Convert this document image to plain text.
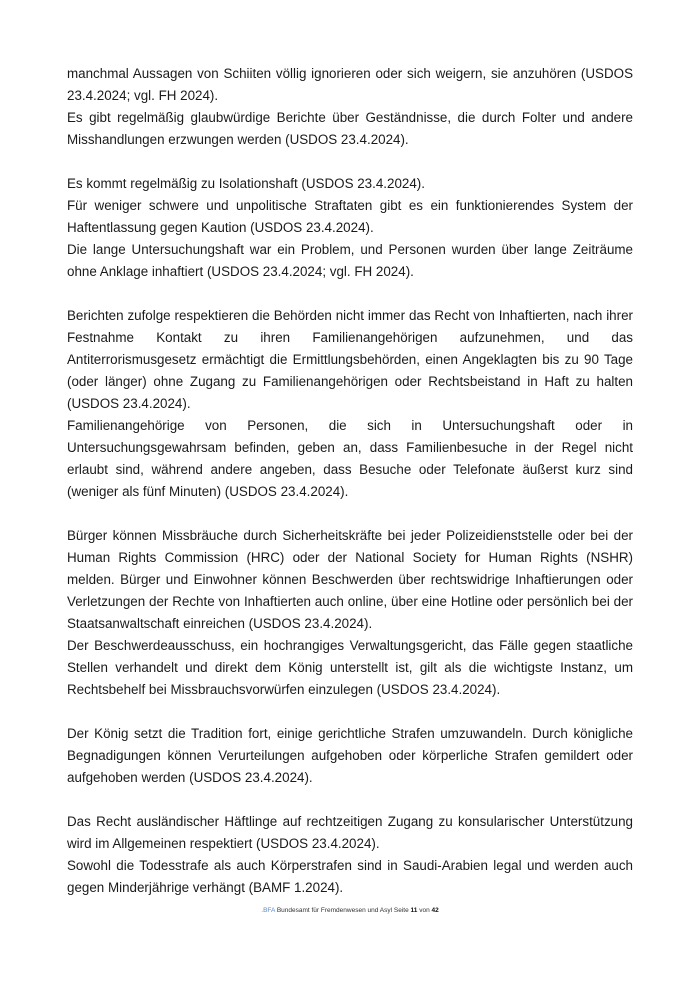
manchmal Aussagen von Schiiten völlig ignorieren oder sich weigern, sie anzuhören (USDOS 23.4.2024; vgl. FH 2024).

Es gibt regelmäßig glaubwürdige Berichte über Geständnisse, die durch Folter und andere Misshandlungen erzwungen werden (USDOS 23.4.2024).

Es kommt regelmäßig zu Isolationshaft (USDOS 23.4.2024).

Für weniger schwere und unpolitische Straftaten gibt es ein funktionierendes System der Haftentlassung gegen Kaution (USDOS 23.4.2024).

Die lange Untersuchungshaft war ein Problem, und Personen wurden über lange Zeiträume ohne Anklage inhaftiert (USDOS 23.4.2024; vgl. FH 2024).

Berichten zufolge respektieren die Behörden nicht immer das Recht von Inhaftierten, nach ihrer Festnahme Kontakt zu ihren Familienangehörigen aufzunehmen, und das Antiterrorismusgesetz ermächtigt die Ermittlungsbehörden, einen Angeklagten bis zu 90 Tage (oder länger) ohne Zugang zu Familienangehörigen oder Rechtsbeistand in Haft zu halten (USDOS 23.4.2024).

Familienangehörige von Personen, die sich in Untersuchungshaft oder in Untersuchungsgewahrsam befinden, geben an, dass Familienbesuche in der Regel nicht erlaubt sind, während andere angeben, dass Besuche oder Telefonate äußerst kurz sind (weniger als fünf Minuten) (USDOS 23.4.2024).

Bürger können Missbräuche durch Sicherheitskräfte bei jeder Polizeidienststelle oder bei der Human Rights Commission (HRC) oder der National Society for Human Rights (NSHR) melden. Bürger und Einwohner können Beschwerden über rechtswidrige Inhaftierungen oder Verletzungen der Rechte von Inhaftierten auch online, über eine Hotline oder persönlich bei der Staatsanwaltschaft einreichen (USDOS 23.4.2024).

Der Beschwerdeausschuss, ein hochrangiges Verwaltungsgericht, das Fälle gegen staatliche Stellen verhandelt und direkt dem König unterstellt ist, gilt als die wichtigste Instanz, um Rechtsbehelf bei Missbrauchsvorwürfen einzulegen (USDOS 23.4.2024).

Der König setzt die Tradition fort, einige gerichtliche Strafen umzuwandeln. Durch königliche Begnadigungen können Verurteilungen aufgehoben oder körperliche Strafen gemildert oder aufgehoben werden (USDOS 23.4.2024).

Das Recht ausländischer Häftlinge auf rechtzeitigen Zugang zu konsularischer Unterstützung wird im Allgemeinen respektiert (USDOS 23.4.2024).

Sowohl die Todesstrafe als auch Körperstrafen sind in Saudi-Arabien legal und werden auch gegen Minderjährige verhängt (BAMF 1.2024).

.BFA Bundesamt für Fremdenwesen und Asyl Seite 11 von 42
